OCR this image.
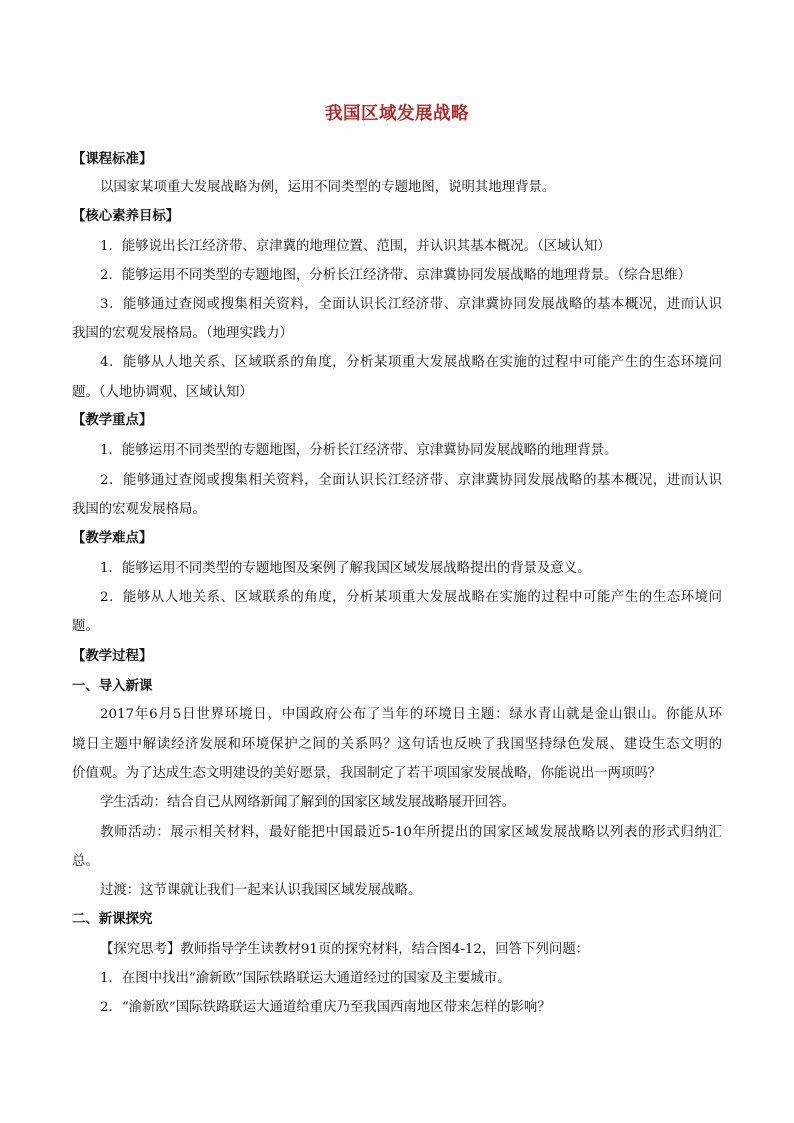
我国区域发展战略
【课程标准】
以国家某项重大发展战略为例，运用不同类型的专题地图，说明其地理背景。
【核心素养目标】
1．能够说出长江经济带、京津冀的地理位置、范围，并认识其基本概况。（区域认知）
2．能够运用不同类型的专题地图，分析长江经济带、京津冀协同发展战略的地理背景。（综合思维）
3．能够通过查阅或搜集相关资料，全面认识长江经济带、京津冀协同发展战略的基本概况，进而认识
我国的宏观发展格局。（地理实践力）
4．能够从人地关系、区域联系的角度，分析某项重大发展战略在实施的过程中可能产生的生态环境问
题。（人地协调观、区域认知）
【教学重点】
1．能够运用不同类型的专题地图，分析长江经济带、京津冀协同发展战略的地理背景。
2．能够通过查阅或搜集相关资料，全面认识长江经济带、京津冀协同发展战略的基本概况，进而认识
我国的宏观发展格局。
【教学难点】
1．能够运用不同类型的专题地图及案例了解我国区域发展战略提出的背景及意义。
2．能够从人地关系、区域联系的角度，分析某项重大发展战略在实施的过程中可能产生的生态环境问
题。
【教学过程】
一、导入新课
2017年6月5日世界环境日，中国政府公布了当年的环境日主题：绿水青山就是金山银山。你能从环
境日主题中解读经济发展和环境保护之间的关系吗？这句话也反映了我国坚持绿色发展、建设生态文明的
价值观。为了达成生态文明建设的美好愿景，我国制定了若干项国家发展战略，你能说出一两项吗？
学生活动：结合自己从网络新闻了解到的国家区域发展战略展开回答。
教师活动：展示相关材料，最好能把中国最近5-10年所提出的国家区域发展战略以列表的形式归纳汇
总。
过渡：这节课就让我们一起来认识我国区域发展战略。
二、新课探究
【探究思考】教师指导学生读教材91页的探究材料，结合图4-12，回答下列问题：
1．在图中找出“渝新欧”国际铁路联运大通道经过的国家及主要城市。
2．“渝新欧”国际铁路联运大通道给重庆乃至我国西南地区带来怎样的影响？
